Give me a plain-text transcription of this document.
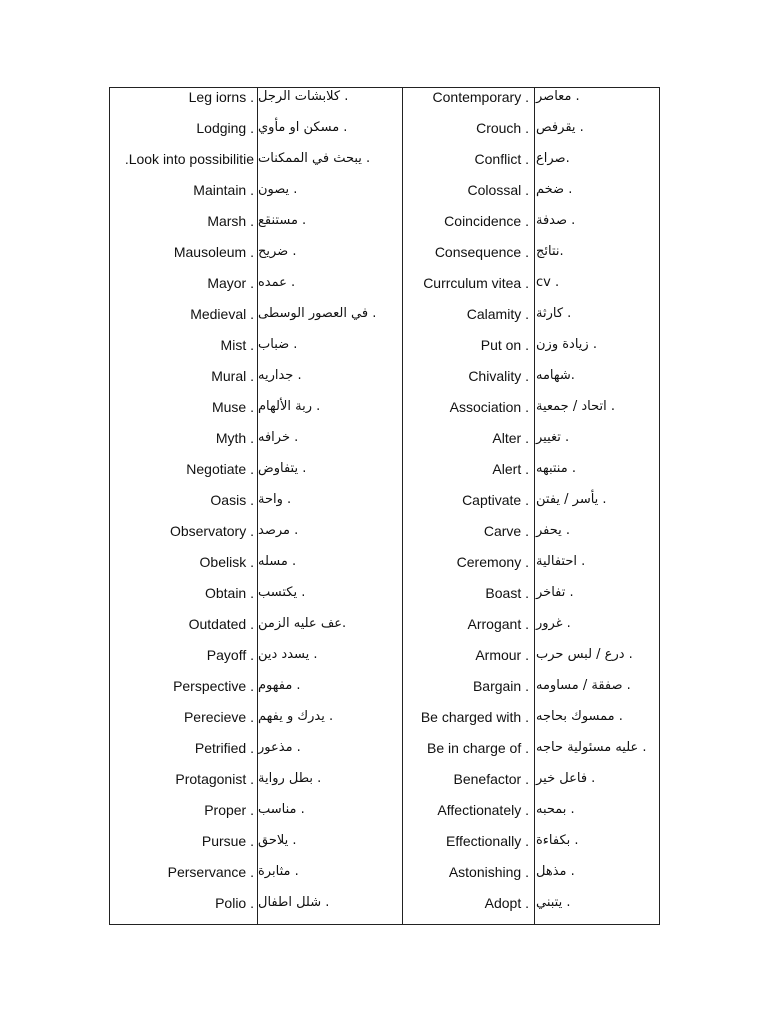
Leg iorns . . كلابشات الرجل	Contemporary . . معاصر
Lodging . . مسكن او مأوي	Crouch . . يقرفص
.Look into possibilitie . يبحث في الممكنات	Conflict . .صراع
Maintain . . يصون	Colossal . . ضخم
Marsh . . مستنقع	Coincidence . . صدفة
Mausoleum . . ضريح	Consequence . .نتائج
Mayor . . عمده	Currculum vitea . . cv
Medieval . . في العصور الوسطى	Calamity . . كارثة
Mist . . ضباب	Put on . . زيادة وزن
Mural . . جداريه	Chivality . .شهامه
Muse . . ربة الألهام	Association . . اتحاد / جمعية
Myth . . خرافه	Alter . . تغيير
Negotiate . . يتفاوض	Alert . . منتبهه
Oasis . . واحة	Captivate . . يأسر / يفتن
Observatory . . مرصد	Carve . . يحفر
Obelisk . . مسله	Ceremony . . احتفالية
Obtain . . يكتسب	Boast . . تفاخر
Outdated . .عف عليه الزمن	Arrogant . . غرور
Payoff . . يسدد دين	Armour . . درع / لبس حرب
Perspective . . مفهوم	Bargain . . صفقة / مساومه
Perecieve . . يدرك و يفهم	Be charged with . . ممسوك بحاجه
Petrified . . مذعور	Be in charge of . . عليه مسئولية حاجه
Protagonist . . بطل رواية	Benefactor . . فاعل خير
Proper . . مناسب	Affectionately . . بمحبه
Pursue . . يلاحق	Effectionally . . بكفاءة
Perservance . . مثابرة	Astonishing . . مذهل
Polio . . شلل اطفال	Adopt . . يتبني
